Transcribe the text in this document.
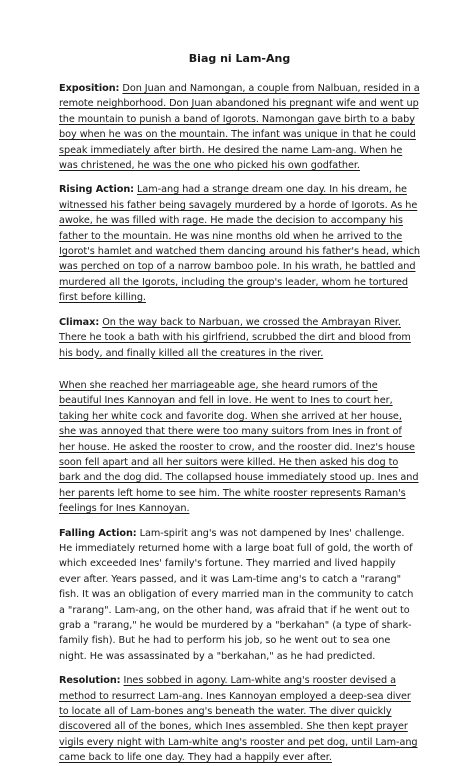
Biag ni Lam-Ang

Exposition: Don Juan and Namongan, a couple from Nalbuan, resided in a remote neighborhood. Don Juan abandoned his pregnant wife and went up the mountain to punish a band of Igorots. Namongan gave birth to a baby boy when he was on the mountain. The infant was unique in that he could speak immediately after birth. He desired the name Lam-ang. When he was christened, he was the one who picked his own godfather.

Rising Action: Lam-ang had a strange dream one day. In his dream, he witnessed his father being savagely murdered by a horde of Igorots. As he awoke, he was filled with rage. He made the decision to accompany his father to the mountain. He was nine months old when he arrived to the Igorot's hamlet and watched them dancing around his father's head, which was perched on top of a narrow bamboo pole. In his wrath, he battled and murdered all the Igorots, including the group's leader, whom he tortured first before killing.

Climax: On the way back to Narbuan, we crossed the Ambrayan River. There he took a bath with his girlfriend, scrubbed the dirt and blood from his body, and finally killed all the creatures in the river.

When she reached her marriageable age, she heard rumors of the beautiful Ines Kannoyan and fell in love. He went to Ines to court her, taking her white cock and favorite dog. When she arrived at her house, she was annoyed that there were too many suitors from Ines in front of her house. He asked the rooster to crow, and the rooster did. Inez's house soon fell apart and all her suitors were killed. He then asked his dog to bark and the dog did. The collapsed house immediately stood up. Ines and her parents left home to see him. The white rooster represents Raman's feelings for Ines Kannoyan.

Falling Action: Lam-spirit ang's was not dampened by Ines' challenge. He immediately returned home with a large boat full of gold, the worth of which exceeded Ines' family's fortune. They married and lived happily ever after. Years passed, and it was Lam-time ang's to catch a "rarang" fish. It was an obligation of every married man in the community to catch a "rarang". Lam-ang, on the other hand, was afraid that if he went out to grab a "rarang," he would be murdered by a "berkahan" (a type of shark-family fish). But he had to perform his job, so he went out to sea one night. He was assassinated by a "berkahan," as he had predicted.

Resolution: Ines sobbed in agony. Lam-white ang's rooster devised a method to resurrect Lam-ang. Ines Kannoyan employed a deep-sea diver to locate all of Lam-bones ang's beneath the water. The diver quickly discovered all of the bones, which Ines assembled. She then kept prayer vigils every night with Lam-white ang's rooster and pet dog, until Lam-ang came back to life one day. They had a happily ever after.
